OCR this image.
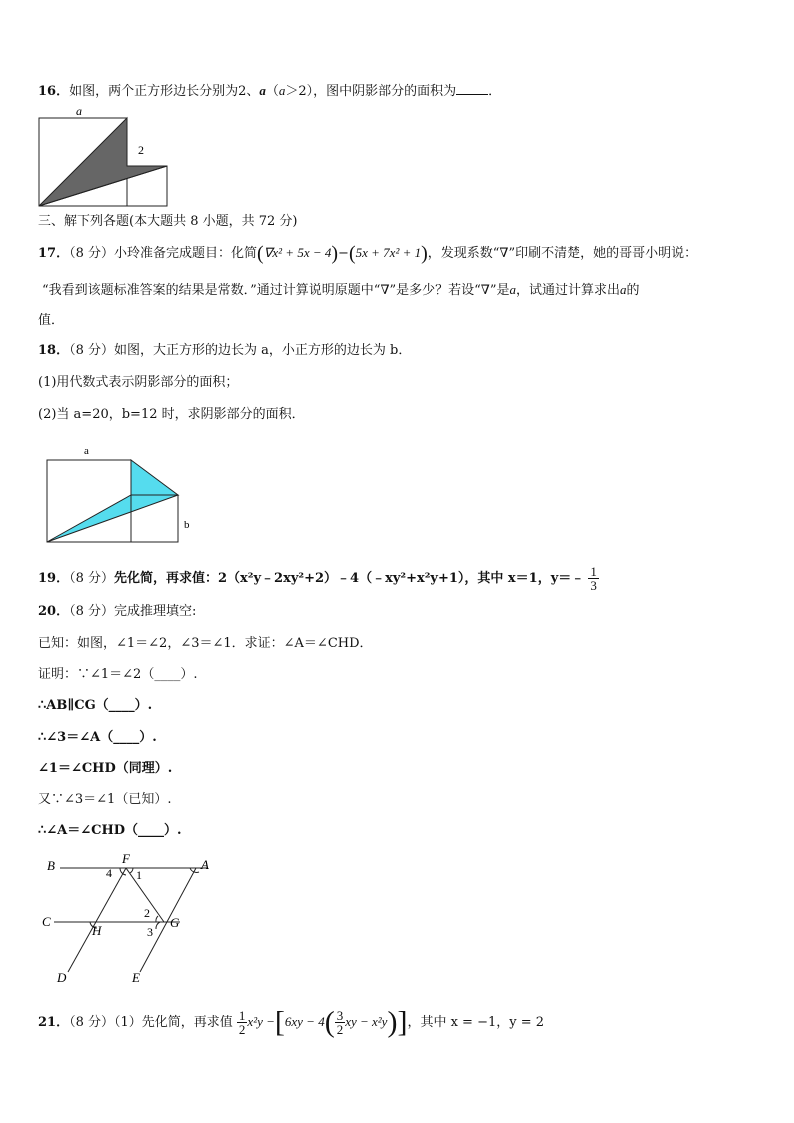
16．如图，两个正方形边长分别为2、a（a＞2），图中阴影部分的面积为 ．
a
2
三、解下列各题(本大题共 8 小题，共 72 分)
17．（8 分）小玲准备完成题目：化简(∇x² + 5x − 4)−(5x + 7x² + 1)，发现系数“∇”印刷不清楚，她的哥哥小明说：
“我看到该题标准答案的结果是常数．”通过计算说明原题中“∇”是多少？若设“∇”是a，试通过计算求出a的
值．
18．（8 分）如图，大正方形的边长为 a，小正方形的边长为 b．
(1)用代数式表示阴影部分的面积；
(2)当 a=20，b=12 时，求阴影部分的面积．
a
b
19．（8 分）先化简，再求值：2（x²y﹣2xy²+2）﹣4（﹣xy²+x²y+1），其中 x＝1，y＝﹣ $\frac{1}{3}$
20．（8 分）完成推理填空:
已知：如图，∠1＝∠2，∠3＝∠1．求证：∠A＝∠CHD．
证明：∵∠1＝∠2（____）.
∴AB∥CG（____）.
∴∠3＝∠A（____）.
∠1＝∠CHD（同理）.
又∵∠3＝∠1（已知）.
∴∠A＝∠CHD（____）.
B	F	A
C
H
G
D	E
4 1
2
3
21．（8 分）（1）先化简，再求值 $\frac{1}{2} x^2y -[6xy - 4( \frac{3}{2}$ xy − x²y)]，其中 x = −1，y = 2
